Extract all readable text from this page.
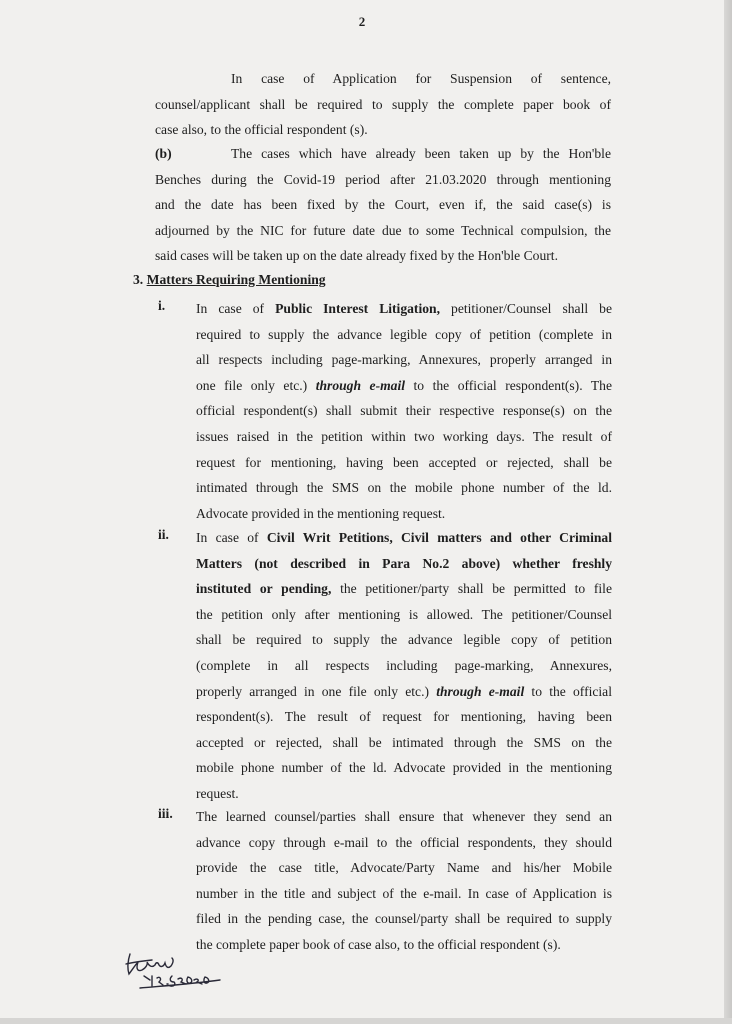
2
In case of Application for Suspension of sentence,
counsel/applicant shall be required to supply the complete paper book of
case also, to the official respondent (s).
(b)	The cases which have already been taken up by the Hon'ble
Benches during the Covid-19 period after 21.03.2020 through mentioning
and the date has been fixed by the Court, even if, the said case(s) is
adjourned by the NIC for future date due to some Technical compulsion, the
said cases will be taken up on the date already fixed by the Hon'ble Court.
3. Matters Requiring Mentioning
i. In case of Public Interest Litigation, petitioner/Counsel shall be
required to supply the advance legible copy of petition (complete in
all respects including page-marking, Annexures, properly arranged in
one file only etc.) through e-mail to the official respondent(s). The
official respondent(s) shall submit their respective response(s) on the
issues raised in the petition within two working days. The result of
request for mentioning, having been accepted or rejected, shall be
intimated through the SMS on the mobile phone number of the ld.
Advocate provided in the mentioning request.
ii. In case of Civil Writ Petitions, Civil matters and other Criminal
Matters (not described in Para No.2 above) whether freshly
instituted or pending, the petitioner/party shall be permitted to file
the petition only after mentioning is allowed. The petitioner/Counsel
shall be required to supply the advance legible copy of petition
(complete in all respects including page-marking, Annexures,
properly arranged in one file only etc.) through e-mail to the official
respondent(s). The result of request for mentioning, having been
accepted or rejected, shall be intimated through the SMS on the
mobile phone number of the ld. Advocate provided in the mentioning
request.
iii. The learned counsel/parties shall ensure that whenever they send an
advance copy through e-mail to the official respondents, they should
provide the case title, Advocate/Party Name and his/her Mobile
number in the title and subject of the e-mail. In case of Application is
filed in the pending case, the counsel/party shall be required to supply
the complete paper book of case also, to the official respondent (s).
